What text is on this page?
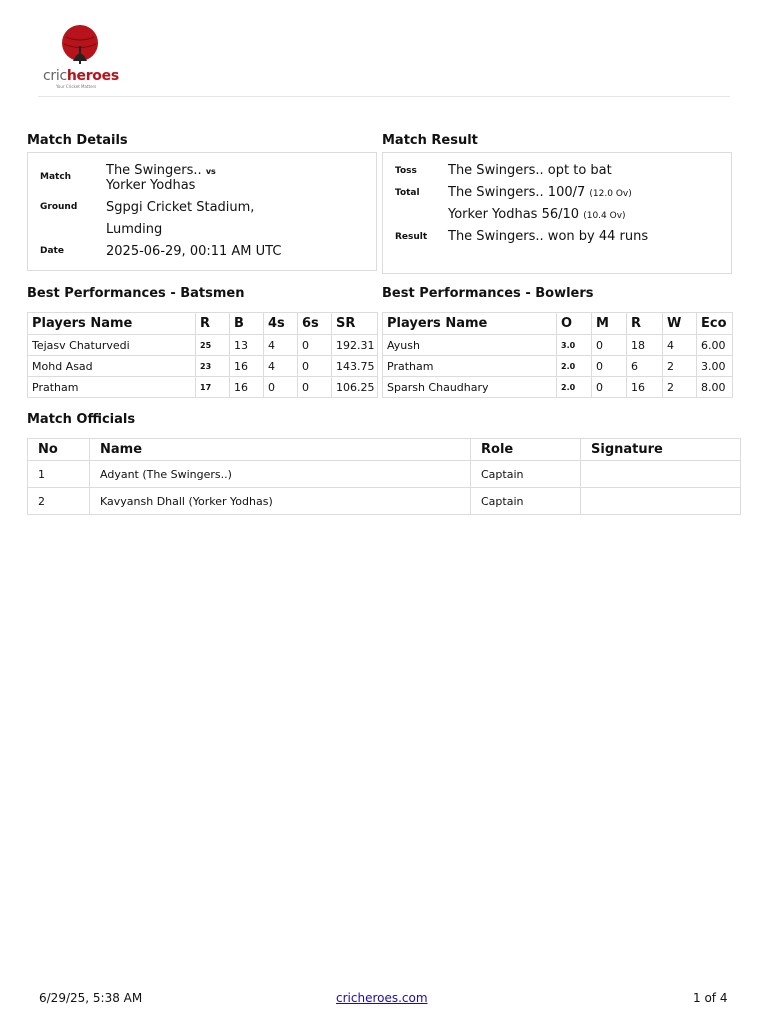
cricheroes
Your Cricket Matters
Match Details
Match	The Swingers.. vs
Yorker Yodhas
Ground Sgpgi Cricket Stadium,
Lumding
Date	2025-06-29, 00:11 AM UTC
Match Result
Toss The Swingers.. opt to bat
Total The Swingers.. 100/7 (12.0 Ov)
Yorker Yodhas 56/10 (10.4 Ov)
Result The Swingers.. won by 44 runs
Best Performances - Batsmen
Players Name	R	B	4s	6s	SR
Tejasv Chaturvedi	25	13	4	0	192.31
Mohd Asad	23	16	4	0	143.75
Pratham	17	16	0	0	106.25
Best Performances - Bowlers
Players Name	O	M	R	W	Eco
Ayush	3.0	0	18	4	6.00
Pratham	2.0	0	6	2	3.00
Sparsh Chaudhary	2.0	0	16	2	8.00
Match Officials
No	Name	Role	Signature
1	Adyant (The Swingers..)	Captain	
2	Kavyansh Dhall (Yorker Yodhas)	Captain	
6/29/25, 5:38 AM	cricheroes.com	1 of 4
